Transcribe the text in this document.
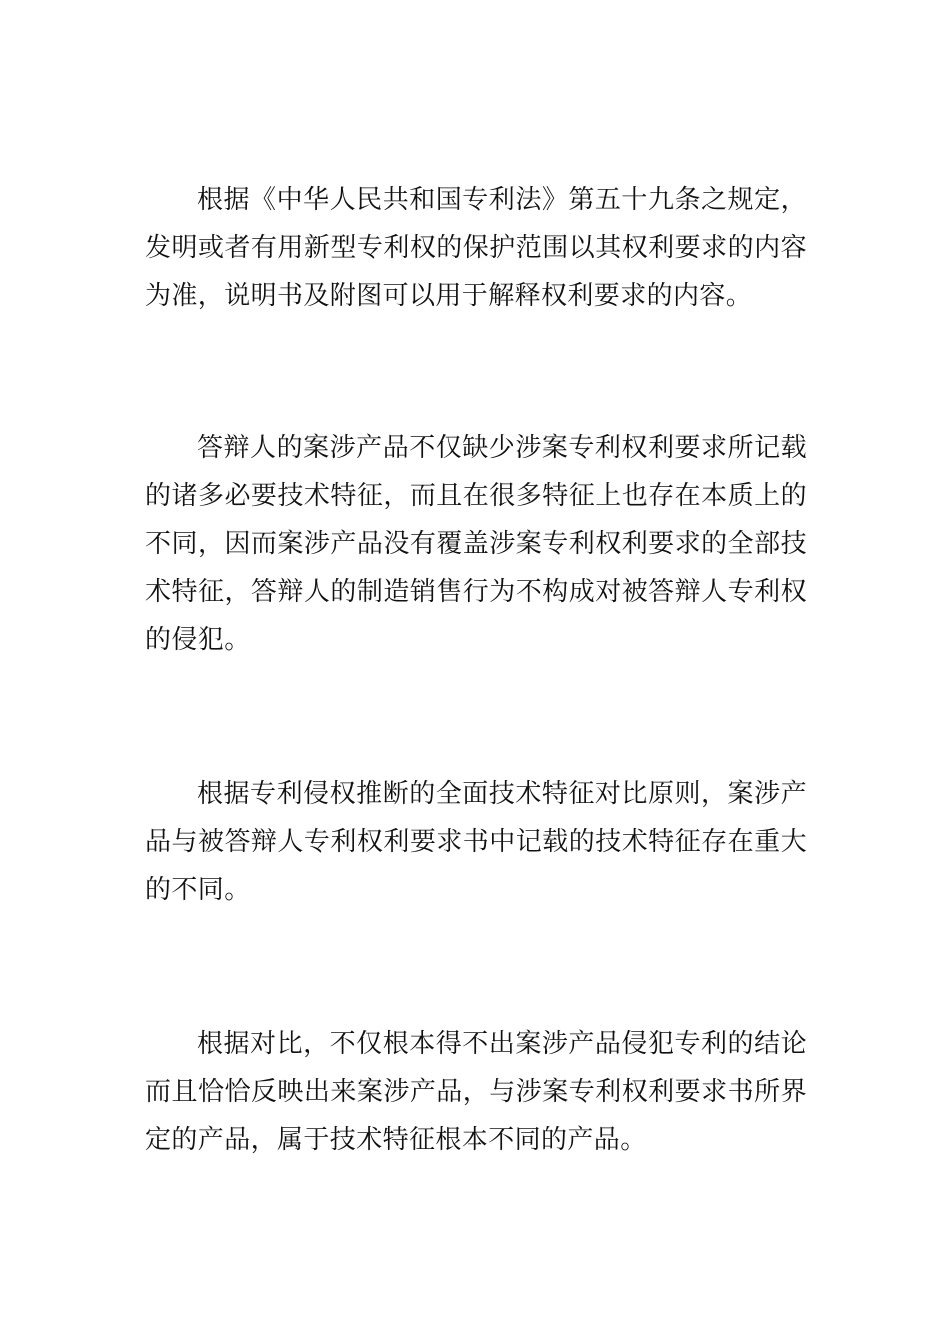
根据《中华人民共和国专利法》第五十九条之规定，发明或者有用新型专利权的保护范围以其权利要求的内容为准，说明书及附图可以用于解释权利要求的内容。

答辩人的案涉产品不仅缺少涉案专利权利要求所记载的诸多必要技术特征，而且在很多特征上也存在本质上的不同，因而案涉产品没有覆盖涉案专利权利要求的全部技术特征，答辩人的制造销售行为不构成对被答辩人专利权的侵犯。

根据专利侵权推断的全面技术特征对比原则，案涉产品与被答辩人专利权利要求书中记载的技术特征存在重大的不同。

根据对比，不仅根本得不出案涉产品侵犯专利的结论而且恰恰反映出来案涉产品，与涉案专利权利要求书所界定的产品，属于技术特征根本不同的产品。
